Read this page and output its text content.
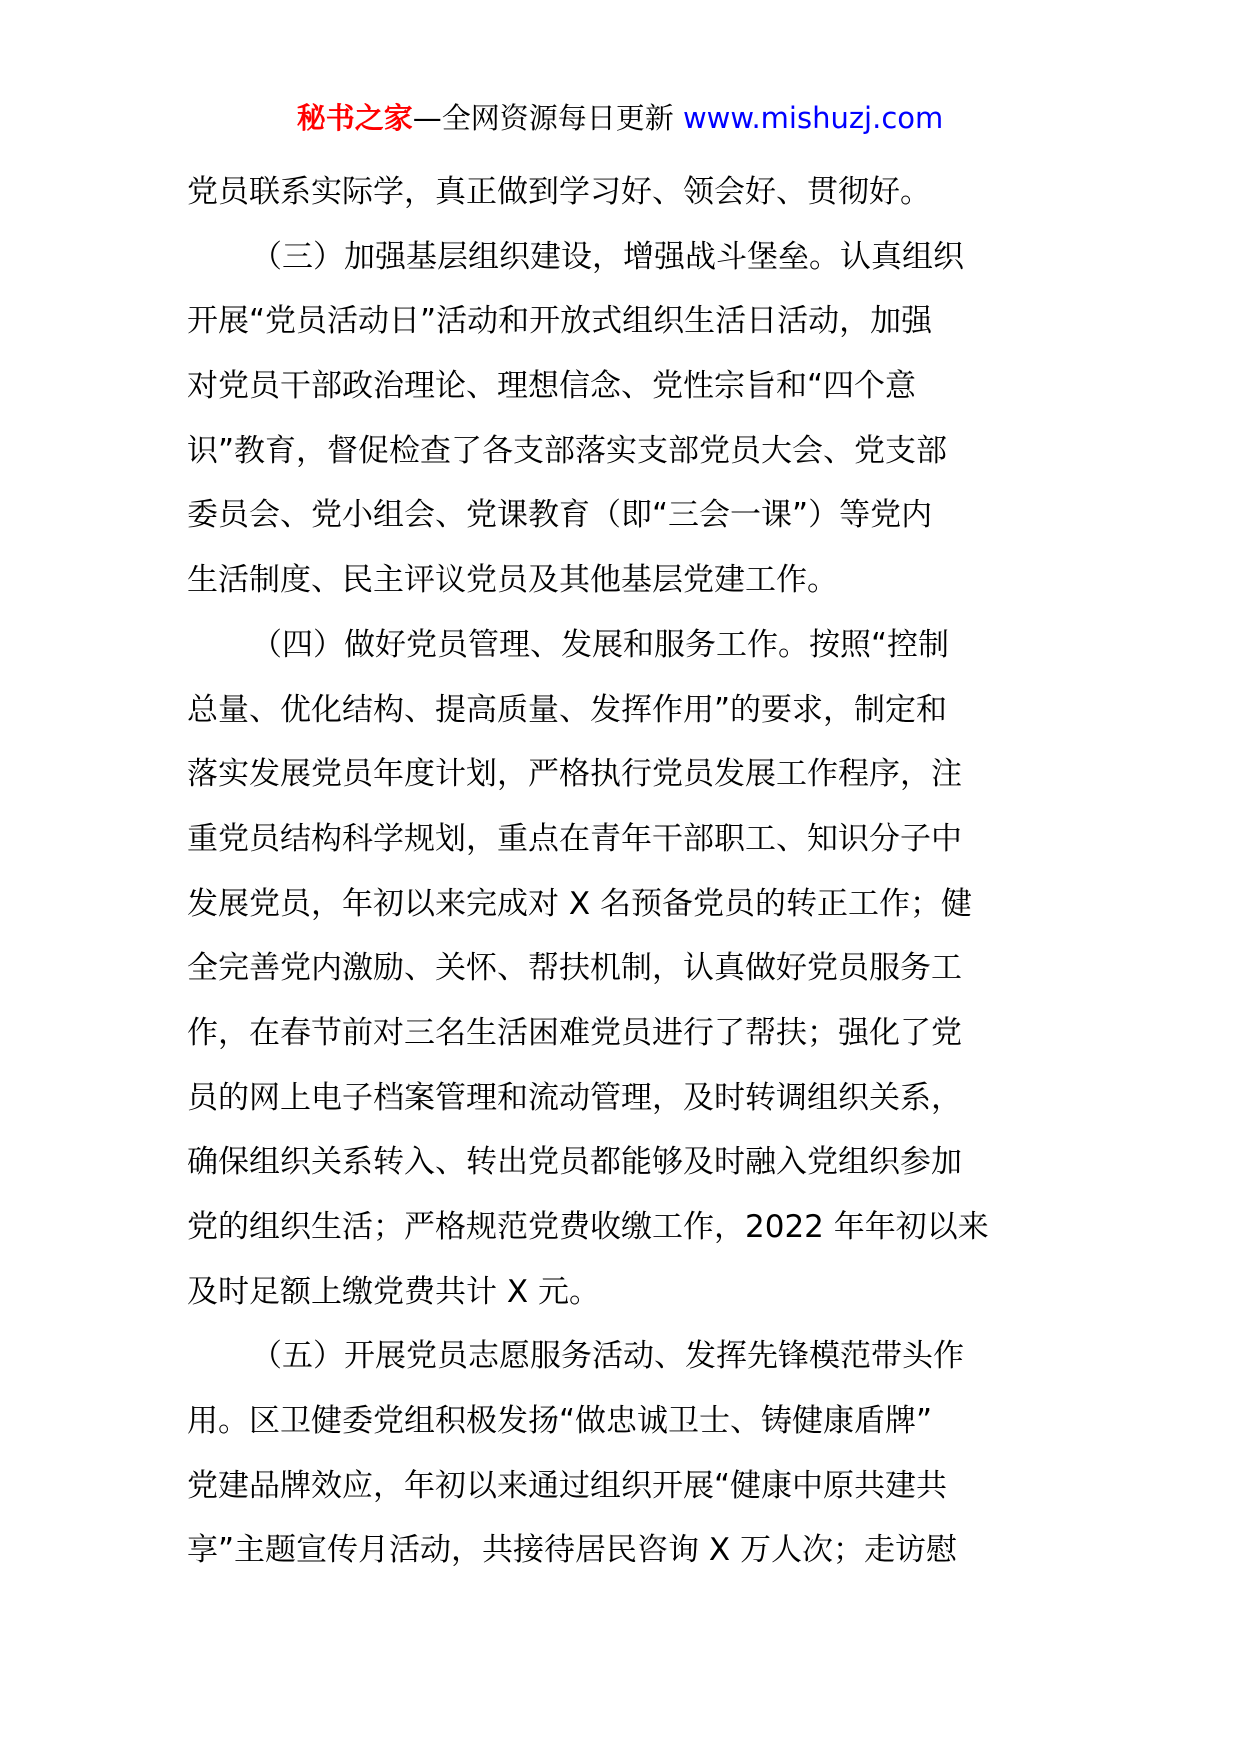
秘书之家—全网资源每日更新 www.mishuzj.com
党员联系实际学，真正做到学习好、领会好、贯彻好。
（三）加强基层组织建设，增强战斗堡垒。认真组织
开展“党员活动日”活动和开放式组织生活日活动，加强
对党员干部政治理论、理想信念、党性宗旨和“四个意
识”教育，督促检查了各支部落实支部党员大会、党支部
委员会、党小组会、党课教育（即“三会一课”）等党内
生活制度、民主评议党员及其他基层党建工作。
（四）做好党员管理、发展和服务工作。按照“控制
总量、优化结构、提高质量、发挥作用”的要求，制定和
落实发展党员年度计划，严格执行党员发展工作程序，注
重党员结构科学规划，重点在青年干部职工、知识分子中
发展党员，年初以来完成对 X 名预备党员的转正工作；健
全完善党内激励、关怀、帮扶机制，认真做好党员服务工
作，在春节前对三名生活困难党员进行了帮扶；强化了党
员的网上电子档案管理和流动管理，及时转调组织关系，
确保组织关系转入、转出党员都能够及时融入党组织参加
党的组织生活；严格规范党费收缴工作，2022 年年初以来
及时足额上缴党费共计 X 元。
（五）开展党员志愿服务活动、发挥先锋模范带头作
用。区卫健委党组积极发扬“做忠诚卫士、铸健康盾牌”
党建品牌效应，年初以来通过组织开展“健康中原共建共
享”主题宣传月活动，共接待居民咨询 X 万人次；走访慰
